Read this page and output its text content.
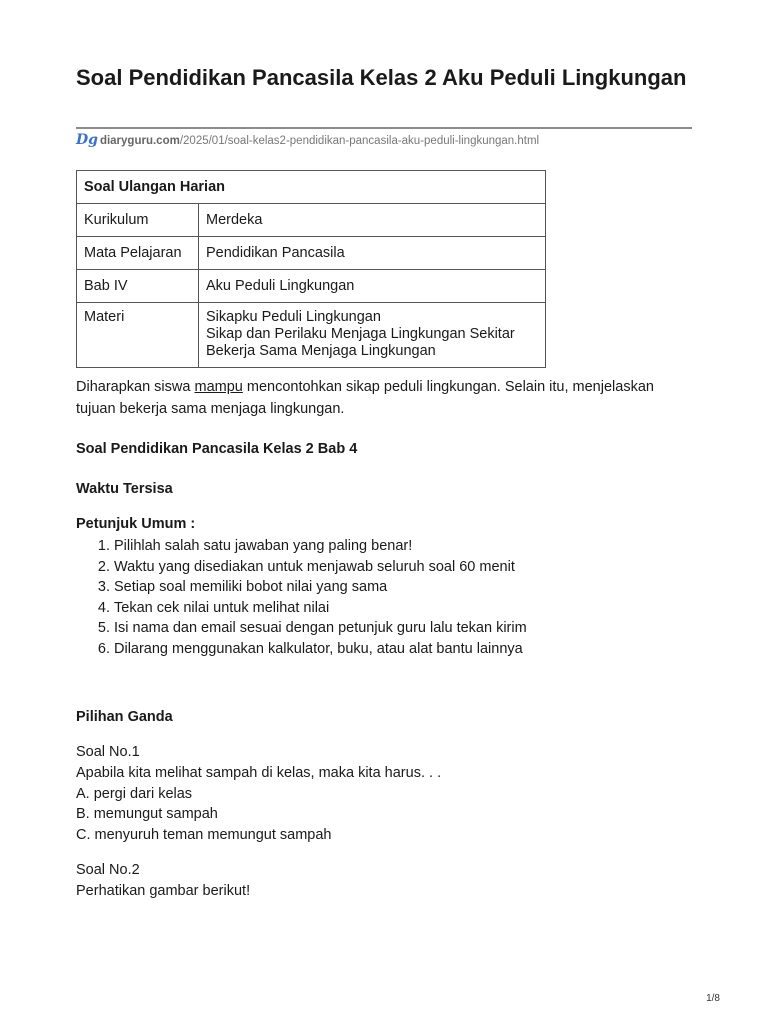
Soal Pendidikan Pancasila Kelas 2 Aku Peduli Lingkungan
Dg diaryguru.com/2025/01/soal-kelas2-pendidikan-pancasila-aku-peduli-lingkungan.html
Soal Ulangan Harian	
Kurikulum	Merdeka
Mata Pelajaran	Pendidikan Pancasila
Bab IV	Aku Peduli Lingkungan
Materi	Sikapku Peduli Lingkungan
Sikap dan Perilaku Menjaga Lingkungan Sekitar
Bekerja Sama Menjaga Lingkungan
Diharapkan siswa mampu mencontohkan sikap peduli lingkungan. Selain itu, menjelaskan tujuan bekerja sama menjaga lingkungan.
Soal Pendidikan Pancasila Kelas 2 Bab 4
Waktu Tersisa
Petunjuk Umum :
1. Pilihlah salah satu jawaban yang paling benar!
2. Waktu yang disediakan untuk menjawab seluruh soal 60 menit
3. Setiap soal memiliki bobot nilai yang sama
4. Tekan cek nilai untuk melihat nilai
5. Isi nama dan email sesuai dengan petunjuk guru lalu tekan kirim
6. Dilarang menggunakan kalkulator, buku, atau alat bantu lainnya
Pilihan Ganda
Soal No.1
Apabila kita melihat sampah di kelas, maka kita harus. . .
A. pergi dari kelas
B. memungut sampah
C. menyuruh teman memungut sampah
Soal No.2
Perhatikan gambar berikut!
1/8
